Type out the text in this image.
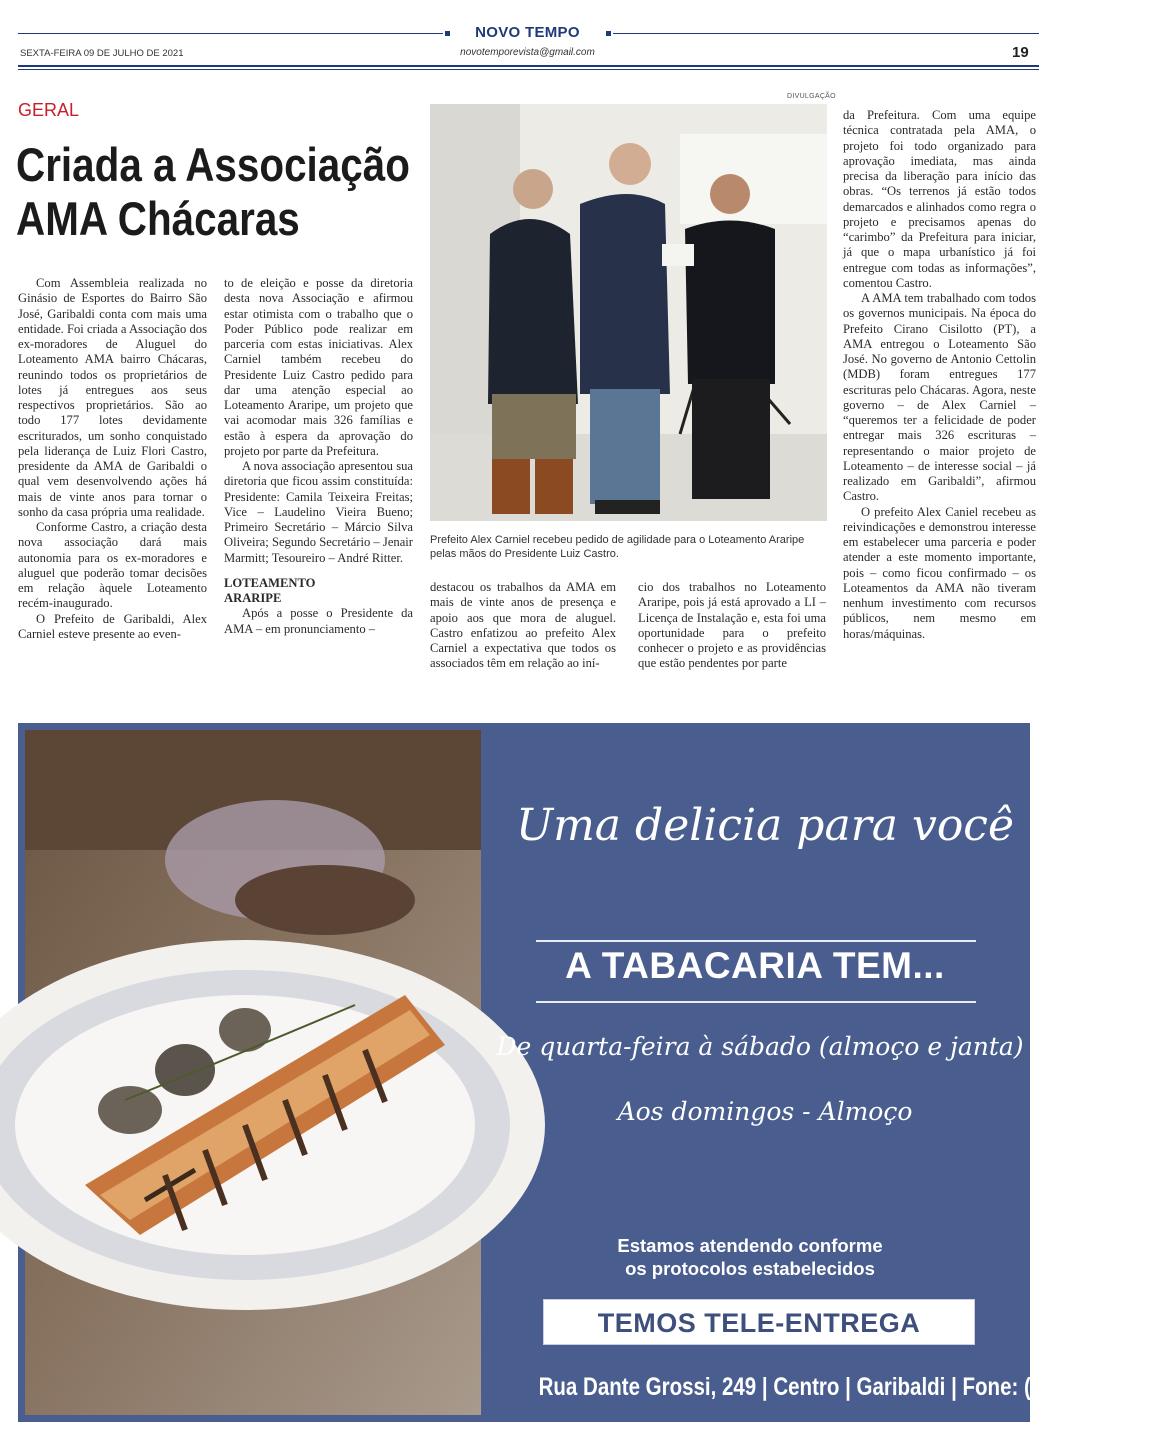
NOVO TEMPO
SEXTA-FEIRA 09 DE JULHO DE 2021	novotemporevista@gmail.com	19
GERAL
Criada a Associação
AMA Chácaras

Com Assembleia realizada no Ginásio de Esportes do Bairro São José, Garibaldi conta com mais uma entidade. Foi criada a Associação dos ex-moradores de Aluguel do Loteamento AMA bairro Chácaras, reunindo todos os proprietários de lotes já entregues aos seus respectivos proprietários. São ao todo 177 lotes devidamente escriturados, um sonho conquistado pela liderança de Luiz Flori Castro, presidente da AMA de Garibaldi o qual vem desenvolvendo ações há mais de vinte anos para tornar o sonho da casa própria uma realidade.

Conforme Castro, a criação desta nova associação dará mais autonomia para os ex-moradores e aluguel que poderão tomar decisões em relação àquele Loteamento recém-inaugurado.

O Prefeito de Garibaldi, Alex Carniel esteve presente ao even-

to de eleição e posse da diretoria desta nova Associação e afirmou estar otimista com o trabalho que o Poder Público pode realizar em parceria com estas iniciativas. Alex Carniel também recebeu do Presidente Luiz Castro pedido para dar uma atenção especial ao Loteamento Araripe, um projeto que vai acomodar mais 326 famílias e estão à espera da aprovação do projeto por parte da Prefeitura.

A nova associação apresentou sua diretoria que ficou assim constituída: Presidente: Camila Teixeira Freitas; Vice – Laudelino Vieira Bueno; Primeiro Secretário – Márcio Silva Oliveira; Segundo Secretário – Jenair Marmitt; Tesoureiro – André Ritter.

LOTEAMENTO

ARARIPE

Após a posse o Presidente da AMA – em pronunciamento –

DIVULGAÇÃO
Prefeito Alex Carniel recebeu pedido de agilidade para o Loteamento Araripe pelas mãos do Presidente Luiz Castro.

destacou os trabalhos da AMA em mais de vinte anos de presença e apoio aos que mora de aluguel. Castro enfatizou ao prefeito Alex Carniel a expectativa que todos os associados têm em relação ao iní-

cio dos trabalhos no Loteamento Araripe, pois já está aprovado a LI – Licença de Instalação e, esta foi uma oportunidade para o prefeito conhecer o projeto e as providências que estão pendentes por parte

da Prefeitura. Com uma equipe técnica contratada pela AMA, o projeto foi todo organizado para aprovação imediata, mas ainda precisa da liberação para início das obras. “Os terrenos já estão todos demarcados e alinhados como regra o projeto e precisamos apenas do “carimbo” da Prefeitura para iniciar, já que o mapa urbanístico já foi entregue com todas as informações”, comentou Castro.

A AMA tem trabalhado com todos os governos municipais. Na época do Prefeito Cirano Cisilotto (PT), a AMA entregou o Loteamento São José. No governo de Antonio Cettolin (MDB) foram entregues 177 escrituras pelo Chácaras. Agora, neste governo – de Alex Carniel – “queremos ter a felicidade de poder entregar mais 326 escrituras – representando o maior projeto de Loteamento – de interesse social – já realizado em Garibaldi”, afirmou Castro.

O prefeito Alex Caniel recebeu as reivindicações e demonstrou interesse em estabelecer uma parceria e poder atender a este momento importante, pois – como ficou confirmado – os Loteamentos da AMA não tiveram nenhum investimento com recursos públicos, nem mesmo em horas/máquinas.

Uma delicia para você
A TABACARIA TEM...
De quarta-feira à sábado (almoço e janta)
Aos domingos - Almoço
Estamos atendendo conforme
os protocolos estabelecidos
TEMOS TELE-ENTREGA
Rua Dante Grossi, 249 | Centro | Garibaldi | Fone: (54) 3464-0635
